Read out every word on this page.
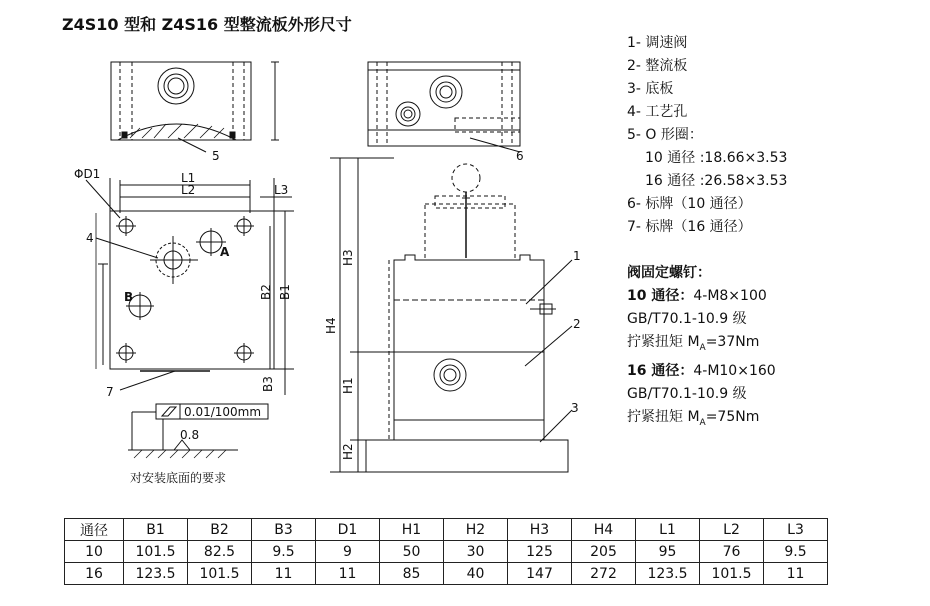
Z4S10 型和 Z4S16 型整流板外形尺寸
ΦD1	L1
L2	L3
B2 B1
B3
A
B
4
5
7
6
1
2
3
H3
H4
H1
H2
0.01/100mm
0.8
对安装底面的要求
1- 调速阀
2- 整流板
3- 底板
4- 工艺孔
5- O 形圈：
10 通径 :18.66×3.53
16 通径 :26.58×3.53
6- 标牌（10 通径）
7- 标牌（16 通径）
阀固定螺钉：
10 通径：4-M8×100
GB/T70.1-10.9 级
拧紧扭矩 $M_A=37Nm$
16 通径：4-M10×160
GB/T70.1-10.9 级
拧紧扭矩 $M_A=75Nm$
通径	B1	B2	B3	D1	H1	H2	H3	H4	L1	L2	L3
10	101.5	82.5	9.5	9	50	30	125	205	95	76	9.5
16	123.5	101.5	11	11	85	40	147	272	123.5	101.5	11
